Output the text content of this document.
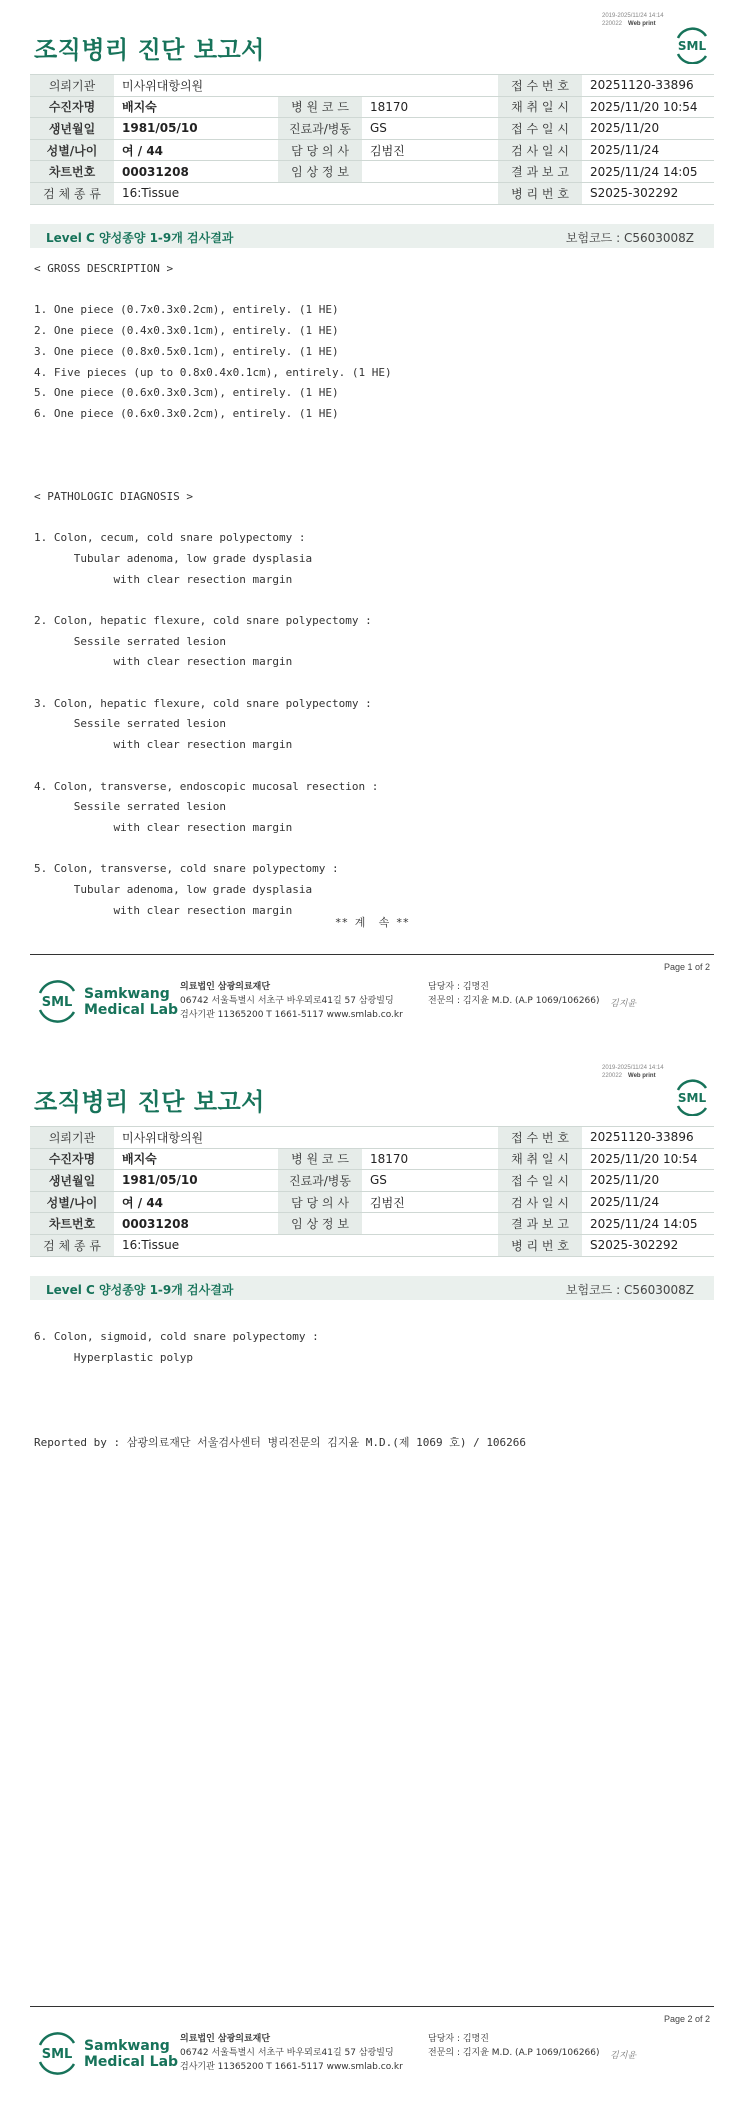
2019-2025/11/24 14:14
220022 Web print
조직병리 진단 보고서	SML
의뢰기관	미사위대항의원			접 수 번 호	20251120-33896
수진자명	배지숙	병 원 코 드	18170	채 취 일 시	2025/11/20 10:54
생년월일	1981/05/10	진료과/병동	GS	접 수 일 시	2025/11/20
성별/나이	여 / 44	담 당 의 사	김범진	검 사 일 시	2025/11/24
차트번호	00031208	임 상 정 보		결 과 보 고	2025/11/24 14:05
검 체 종 류	16:Tissue			병 리 번 호	S2025-302292
Level C 양성종양 1-9개 검사결과	보험코드 : C5603008Z
< GROSS DESCRIPTION >
1. One piece (0.7x0.3x0.2cm), entirely. (1 HE)
2. One piece (0.4x0.3x0.1cm), entirely. (1 HE)
3. One piece (0.8x0.5x0.1cm), entirely. (1 HE)
4. Five pieces (up to 0.8x0.4x0.1cm), entirely. (1 HE)
5. One piece (0.6x0.3x0.3cm), entirely. (1 HE)
6. One piece (0.6x0.3x0.2cm), entirely. (1 HE)
< PATHOLOGIC DIAGNOSIS >
1. Colon, cecum, cold snare polypectomy :
Tubular adenoma, low grade dysplasia
with clear resection margin
2. Colon, hepatic flexure, cold snare polypectomy :
Sessile serrated lesion
with clear resection margin
3. Colon, hepatic flexure, cold snare polypectomy :
Sessile serrated lesion
with clear resection margin
4. Colon, transverse, endoscopic mucosal resection :
Sessile serrated lesion
with clear resection margin
5. Colon, transverse, cold snare polypectomy :
Tubular adenoma, low grade dysplasia
with clear resection margin
** 계  속 **
Page 1 of 2
SML
Samkwang
Medical Lab
의료법인 삼광의료재단
06742 서울특별시 서초구 바우뫼로41길 57 삼광빌딩
검사기관 11365200 T 1661-5117 www.smlab.co.kr
담당자 : 김명진
전문의 : 김지윤 M.D. (A.P 1069/106266) 김지윤
2019-2025/11/24 14:14
220022 Web print
조직병리 진단 보고서	SML
의뢰기관	미사위대항의원			접 수 번 호	20251120-33896
수진자명	배지숙	병 원 코 드	18170	채 취 일 시	2025/11/20 10:54
생년월일	1981/05/10	진료과/병동	GS	접 수 일 시	2025/11/20
성별/나이	여 / 44	담 당 의 사	김범진	검 사 일 시	2025/11/24
차트번호	00031208	임 상 정 보		결 과 보 고	2025/11/24 14:05
검 체 종 류	16:Tissue			병 리 번 호	S2025-302292
Level C 양성종양 1-9개 검사결과	보험코드 : C5603008Z
6. Colon, sigmoid, cold snare polypectomy :
Hyperplastic polyp
Reported by : 삼광의료재단 서울검사센터 병리전문의 김지윤 M.D.(제 1069 호) / 106266
Page 2 of 2
SML
Samkwang
Medical Lab
의료법인 삼광의료재단
06742 서울특별시 서초구 바우뫼로41길 57 삼광빌딩
검사기관 11365200 T 1661-5117 www.smlab.co.kr
담당자 : 김명진
전문의 : 김지윤 M.D. (A.P 1069/106266) 김지윤
